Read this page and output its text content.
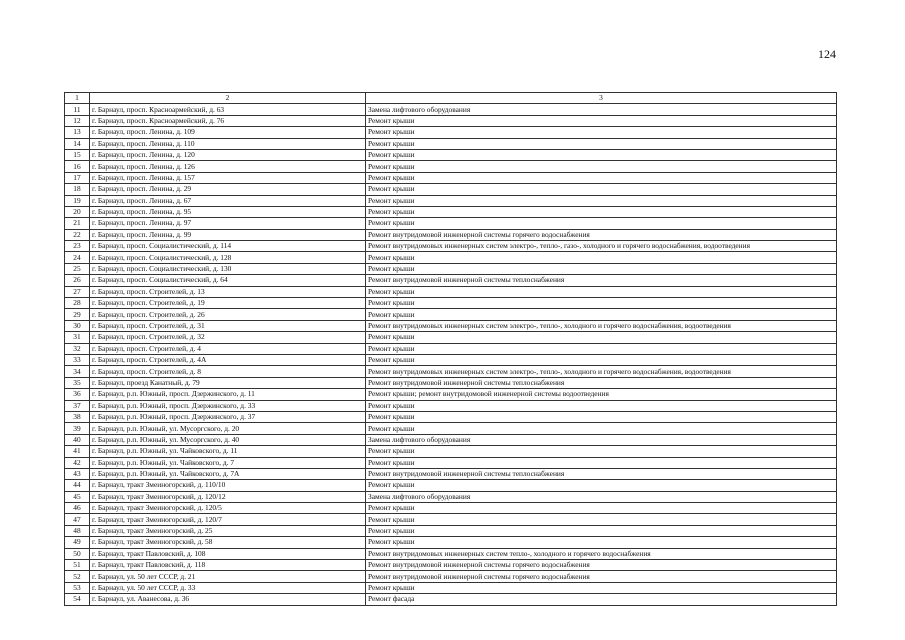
124
1	2	3
11	г. Барнаул, просп. Красноармейский, д. 63	Замена лифтового оборудования
12	г. Барнаул, просп. Красноармейский, д. 76	Ремонт крыши
13	г. Барнаул, просп. Ленина, д. 109	Ремонт крыши
14	г. Барнаул, просп. Ленина, д. 110	Ремонт крыши
15	г. Барнаул, просп. Ленина, д. 120	Ремонт крыши
16	г. Барнаул, просп. Ленина, д. 126	Ремонт крыши
17	г. Барнаул, просп. Ленина, д. 157	Ремонт крыши
18	г. Барнаул, просп. Ленина, д. 29	Ремонт крыши
19	г. Барнаул, просп. Ленина, д. 67	Ремонт крыши
20	г. Барнаул, просп. Ленина, д. 95	Ремонт крыши
21	г. Барнаул, просп. Ленина, д. 97	Ремонт крыши
22	г. Барнаул, просп. Ленина, д. 99	Ремонт внутридомовой инженерной системы горячего водоснабжения
23	г. Барнаул, просп. Социалистический, д. 114	Ремонт внутридомовых инженерных систем электро-, тепло-, газо-, холодного и горячего водоснабжения, водоотведения
24	г. Барнаул, просп. Социалистический, д. 128	Ремонт крыши
25	г. Барнаул, просп. Социалистический, д. 130	Ремонт крыши
26	г. Барнаул, просп. Социалистический, д. 64	Ремонт внутридомовой инженерной системы теплоснабжения
27	г. Барнаул, просп. Строителей, д. 13	Ремонт крыши
28	г. Барнаул, просп. Строителей, д. 19	Ремонт крыши
29	г. Барнаул, просп. Строителей, д. 26	Ремонт крыши
30	г. Барнаул, просп. Строителей, д. 31	Ремонт внутридомовых инженерных систем электро-, тепло-, холодного и горячего водоснабжения, водоотведения
31	г. Барнаул, просп. Строителей, д. 32	Ремонт крыши
32	г. Барнаул, просп. Строителей, д. 4	Ремонт крыши
33	г. Барнаул, просп. Строителей, д. 4А	Ремонт крыши
34	г. Барнаул, просп. Строителей, д. 8	Ремонт внутридомовых инженерных систем электро-, тепло-, холодного и горячего водоснабжения, водоотведения
35	г. Барнаул, проезд Канатный, д. 79	Ремонт внутридомовой инженерной системы теплоснабжения
36	г. Барнаул, р.п. Южный, просп. Дзержинского, д. 11	Ремонт крыши; ремонт внутридомовой инженерной системы водоотведения
37	г. Барнаул, р.п. Южный, просп. Дзержинского, д. 33	Ремонт крыши
38	г. Барнаул, р.п. Южный, просп. Дзержинского, д. 37	Ремонт крыши
39	г. Барнаул, р.п. Южный, ул. Мусоргского, д. 20	Ремонт крыши
40	г. Барнаул, р.п. Южный, ул. Мусоргского, д. 40	Замена лифтового оборудования
41	г. Барнаул, р.п. Южный, ул. Чайковского, д. 11	Ремонт крыши
42	г. Барнаул, р.п. Южный, ул. Чайковского, д. 7	Ремонт крыши
43	г. Барнаул, р.п. Южный, ул. Чайковского, д. 7А	Ремонт внутридомовой инженерной системы теплоснабжения
44	г. Барнаул, тракт Змеиногорский, д. 110/10	Ремонт крыши
45	г. Барнаул, тракт Змеиногорский, д. 120/12	Замена лифтового оборудования
46	г. Барнаул, тракт Змеиногорский, д. 120/5	Ремонт крыши
47	г. Барнаул, тракт Змеиногорский, д. 120/7	Ремонт крыши
48	г. Барнаул, тракт Змеиногорский, д. 25	Ремонт крыши
49	г. Барнаул, тракт Змеиногорский, д. 58	Ремонт крыши
50	г. Барнаул, тракт Павловский, д. 108	Ремонт внутридомовых инженерных систем тепло-, холодного и горячего водоснабжения
51	г. Барнаул, тракт Павловский, д. 118	Ремонт внутридомовой инженерной системы горячего водоснабжения
52	г. Барнаул, ул. 50 лет СССР, д. 21	Ремонт внутридомовой инженерной системы горячего водоснабжения
53	г. Барнаул, ул. 50 лет СССР, д. 33	Ремонт крыши
54	г. Барнаул, ул. Аванесова, д. 36	Ремонт фасада
